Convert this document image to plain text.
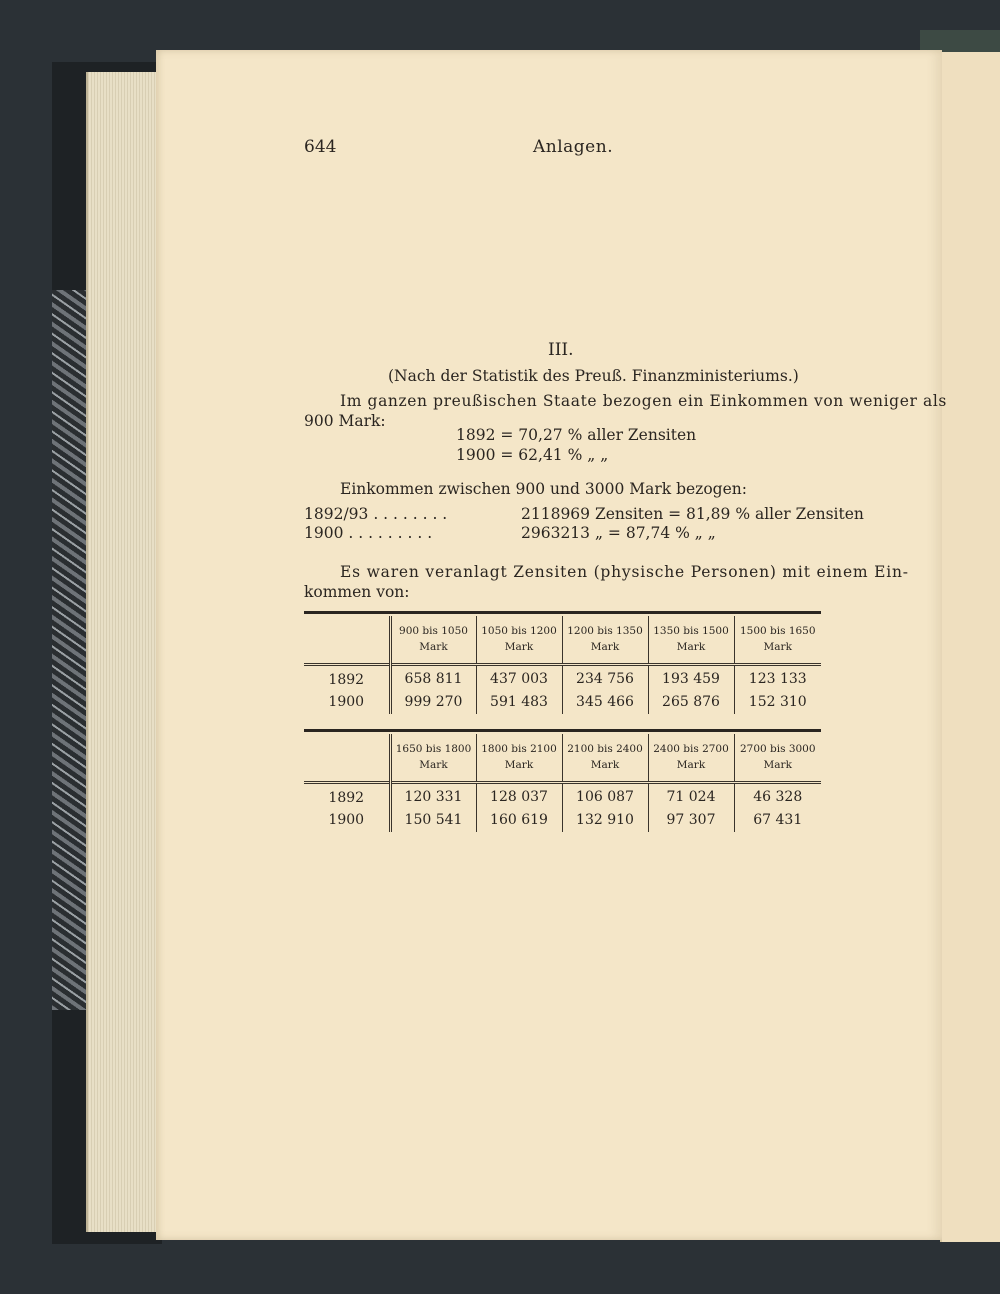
644	Anlagen.
III.
(Nach der Statistik des Preuß. Finanzministeriums.)
Im ganzen preußischen Staate bezogen ein Einkommen von weniger als
900 Mark:
1892 = 70,27 % aller Zensiten
1900 = 62,41 % „ „
Einkommen zwischen 900 und 3000 Mark bezogen:
1892/93 . . . . . . . .	2118969 Zensiten = 81,89 % aller Zensiten
1900 . . . . . . . . .	2963213 „ = 87,74 % „ „
Es waren veranlagt Zensiten (physische Personen) mit einem Ein-
kommen von:
	900 bis 1050 Mark	1050 bis 1200 Mark	1200 bis 1350 Mark	1350 bis 1500 Mark	1500 bis 1650 Mark
1892	658 811	437 003	234 756	193 459	123 133
1900	999 270	591 483	345 466	265 876	152 310
	1650 bis 1800 Mark	1800 bis 2100 Mark	2100 bis 2400 Mark	2400 bis 2700 Mark	2700 bis 3000 Mark
1892	120 331	128 037	106 087	71 024	46 328
1900	150 541	160 619	132 910	97 307	67 431
